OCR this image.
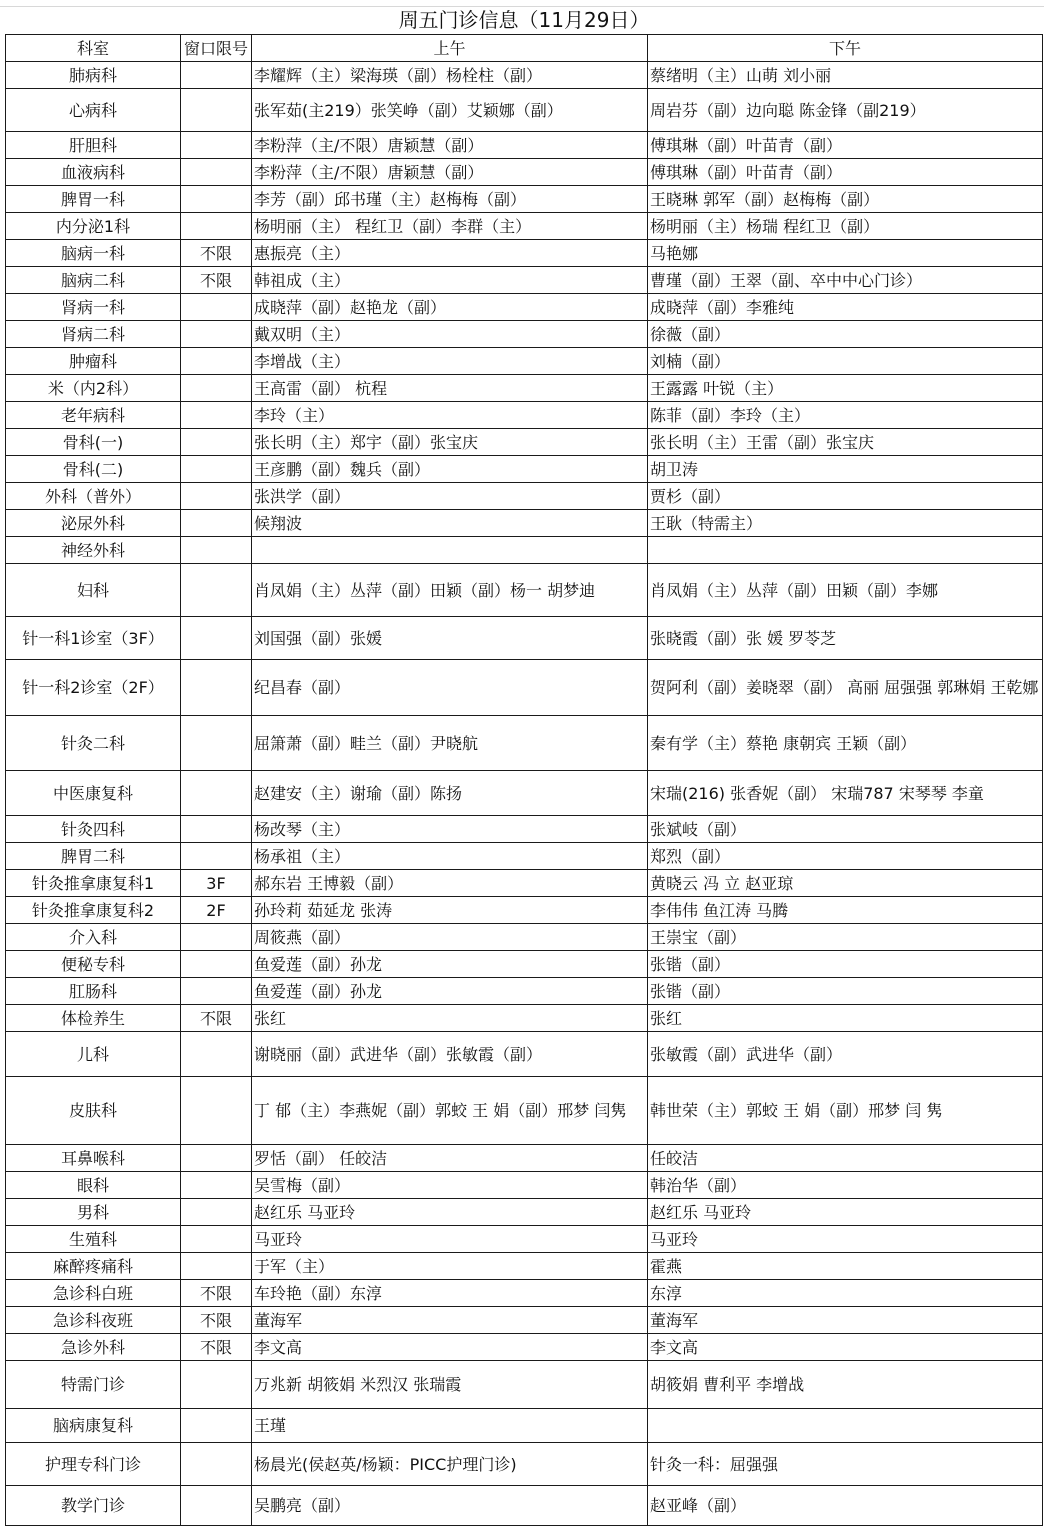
周五门诊信息（11月29日）			
科室	窗口限号	上午	下午
肺病科		李耀辉（主）梁海瑛（副）杨栓柱（副）	蔡绪明（主）山萌 刘小丽
心病科		张军茹(主219）张笑峥（副）艾颖娜（副）	周岩芬（副）边向聪 陈金锋（副219）
肝胆科		李粉萍（主/不限）唐颖慧（副）	傅琪琳（副）叶苗青（副）
血液病科		李粉萍（主/不限）唐颖慧（副）	傅琪琳（副）叶苗青（副）
脾胃一科		李芳（副）邱书瑾（主）赵梅梅（副）	王晓琳 郭军（副）赵梅梅（副）
内分泌1科		杨明丽（主） 程红卫（副）李群（主）	杨明丽（主）杨瑞 程红卫（副）
脑病一科	不限	惠振亮（主）	马艳娜
脑病二科	不限	韩祖成（主）	曹瑾（副）王翠（副、卒中中心门诊）
肾病一科		成晓萍（副）赵艳龙（副）	成晓萍（副）李雅纯
肾病二科		戴双明（主）	徐薇（副）
肿瘤科		李增战（主）	刘楠（副）
米（内2科）		王高雷（副） 杭程	王露露 叶锐（主）
老年病科		李玲（主）	陈菲（副）李玲（主）
骨科(一)		张长明（主）郑宇（副）张宝庆	张长明（主）王雷（副）张宝庆
骨科(二)		王彦鹏（副）魏兵（副）	胡卫涛
外科（普外）		张洪学（副）	贾杉（副）
泌尿外科		候翔波	王耿（特需主）
神经外科			
妇科		肖凤娟（主）丛萍（副）田颖（副）杨一 胡梦迪	肖凤娟（主）丛萍（副）田颖（副）李娜
针一科1诊室（3F）		刘国强（副）张媛	张晓霞（副）张 媛 罗苓芝
针一科2诊室（2F）		纪昌春（副）	贺阿利（副）姜晓翠（副） 高丽 屈强强 郭琳娟 王乾娜
针灸二科		屈箫萧（副）畦兰（副）尹晓航	秦有学（主）蔡艳 康朝宾 王颖（副）
中医康复科		赵建安（主）谢瑜（副）陈扬	宋瑞(216) 张香妮（副） 宋瑞787 宋琴琴 李童
针灸四科		杨改琴（主）	张斌岐（副）
脾胃二科		杨承祖（主）	郑烈（副）
针灸推拿康复科1	3F	郝东岩 王博毅（副）	黄晓云 冯 立 赵亚琼
针灸推拿康复科2	2F	孙玲莉 茹延龙 张涛	李伟伟 鱼江涛 马腾
介入科		周筱燕（副）	王崇宝（副）
便秘专科		鱼爱莲（副）孙龙	张锴（副）
肛肠科		鱼爱莲（副）孙龙	张锴（副）
体检养生	不限	张红	张红
儿科		谢晓丽（副）武进华（副）张敏霞（副）	张敏霞（副）武进华（副）
皮肤科		丁 郁（主）李燕妮（副）郭蛟 王 娟（副）邢梦 闫隽	韩世荣（主）郭蛟 王 娟（副）邢梦 闫 隽
耳鼻喉科		罗恬（副） 任皎洁	任皎洁
眼科		吴雪梅（副）	韩治华（副）
男科		赵红乐 马亚玲	赵红乐 马亚玲
生殖科		马亚玲	马亚玲
麻醉疼痛科		于军（主）	霍燕
急诊科白班	不限	车玲艳（副）东淳	东淳
急诊科夜班	不限	董海军	董海军
急诊外科	不限	李文高	李文高
特需门诊		万兆新 胡筱娟 米烈汉 张瑞霞	胡筱娟 曹利平 李增战
脑病康复科		王瑾	
护理专科门诊		杨晨光(侯赵英/杨颖：PICC护理门诊)	针灸一科：屈强强
教学门诊		吴鹏亮（副）	赵亚峰（副）
